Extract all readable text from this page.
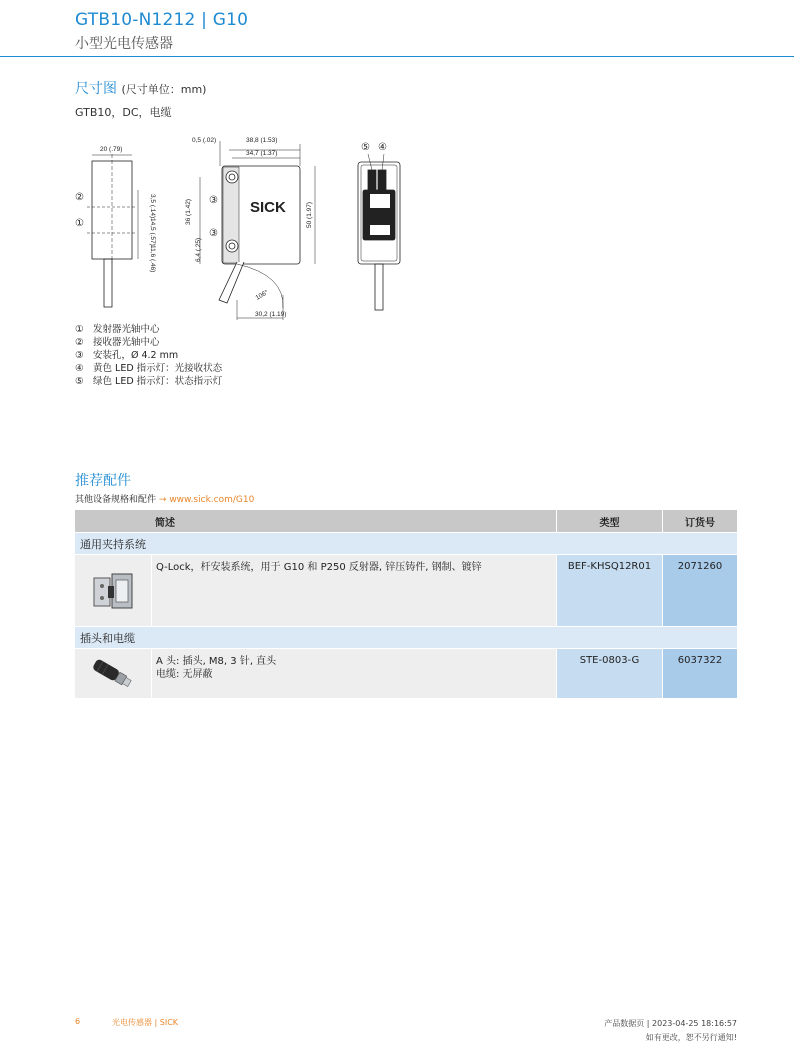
GTB10-N1212 | G10
小型光电传感器
尺寸图 (尺寸单位：mm)
GTB10，DC，电缆
20 (.79)
3,5 (.14)
14,5 (.57)
11,6 (.46)
0,5 (.02)	38,8 (1.53)
34,7 (1.37)
36 (1.42)	50 (1.97)
6,4 (.25)
106°
30,2 (1.19)
SICK
②
①
③
③
⑤ ④
① 发射器光轴中心
② 接收器光轴中心
③ 安装孔，Ø 4.2 mm
④ 黄色 LED 指示灯：光接收状态
⑤ 绿色 LED 指示灯：状态指示灯
推荐配件
其他设备规格和配件 → www.sick.com/G10
简述	类型	订货号
通用夹持系统
Q-Lock，杆安装系统，用于 G10 和 P250 反射器, 锌压铸件, 钢制、镀锌	BEF-KHSQ12R01	2071260
插头和电缆
A 头: 插头, M8, 3 针, 直头
电缆: 无屏蔽
STE-0803-G	6037322
6	光电传感器 | SICK	产品数据页 | 2023-04-25 18:16:57
如有更改，恕不另行通知!
